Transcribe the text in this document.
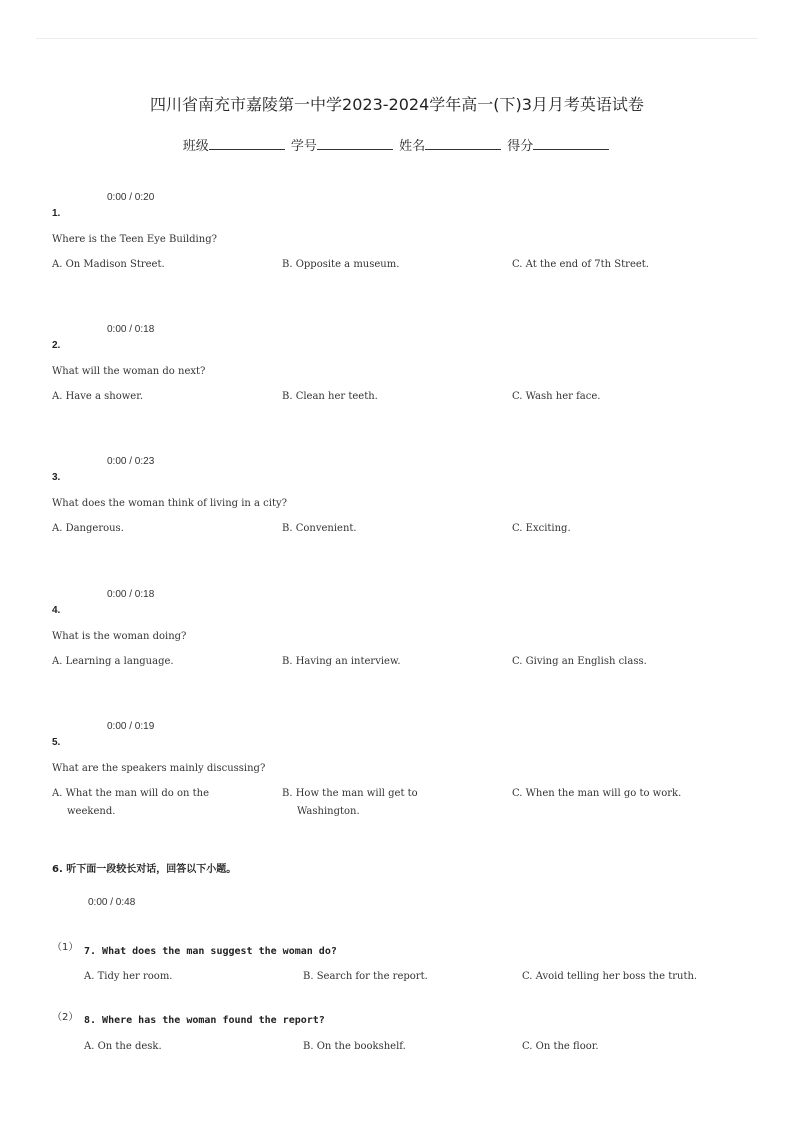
四川省南充市嘉陵第一中学2023-2024学年高一(下)3月月考英语试卷
班级	学号	姓名	得分
0:00 / 0:20
1.
Where is the Teen Eye Building?
A. On Madison Street.	B. Opposite a museum.	C. At the end of 7th Street.
0:00 / 0:18
2.
What will the woman do next?
A. Have a shower.	B. Clean her teeth.	C. Wash her face.
0:00 / 0:23
3.
What does the woman think of living in a city?
A. Dangerous.	B. Convenient.	C. Exciting.
0:00 / 0:18
4.
What is the woman doing?
A. Learning a language.	B. Having an interview.	C. Giving an English class.
0:00 / 0:19
5.
What are the speakers mainly discussing?
A. What the man will do on the weekend.
B. How the man will get to Washington.
C. When the man will go to work.
6. 听下面一段较长对话，回答以下小题。
0:00 / 0:48
（1） 7. What does the man suggest the woman do?
A. Tidy her room.	B. Search for the report.	C. Avoid telling her boss the truth.
（2） 8. Where has the woman found the report?
A. On the desk.	B. On the bookshelf.	C. On the floor.
